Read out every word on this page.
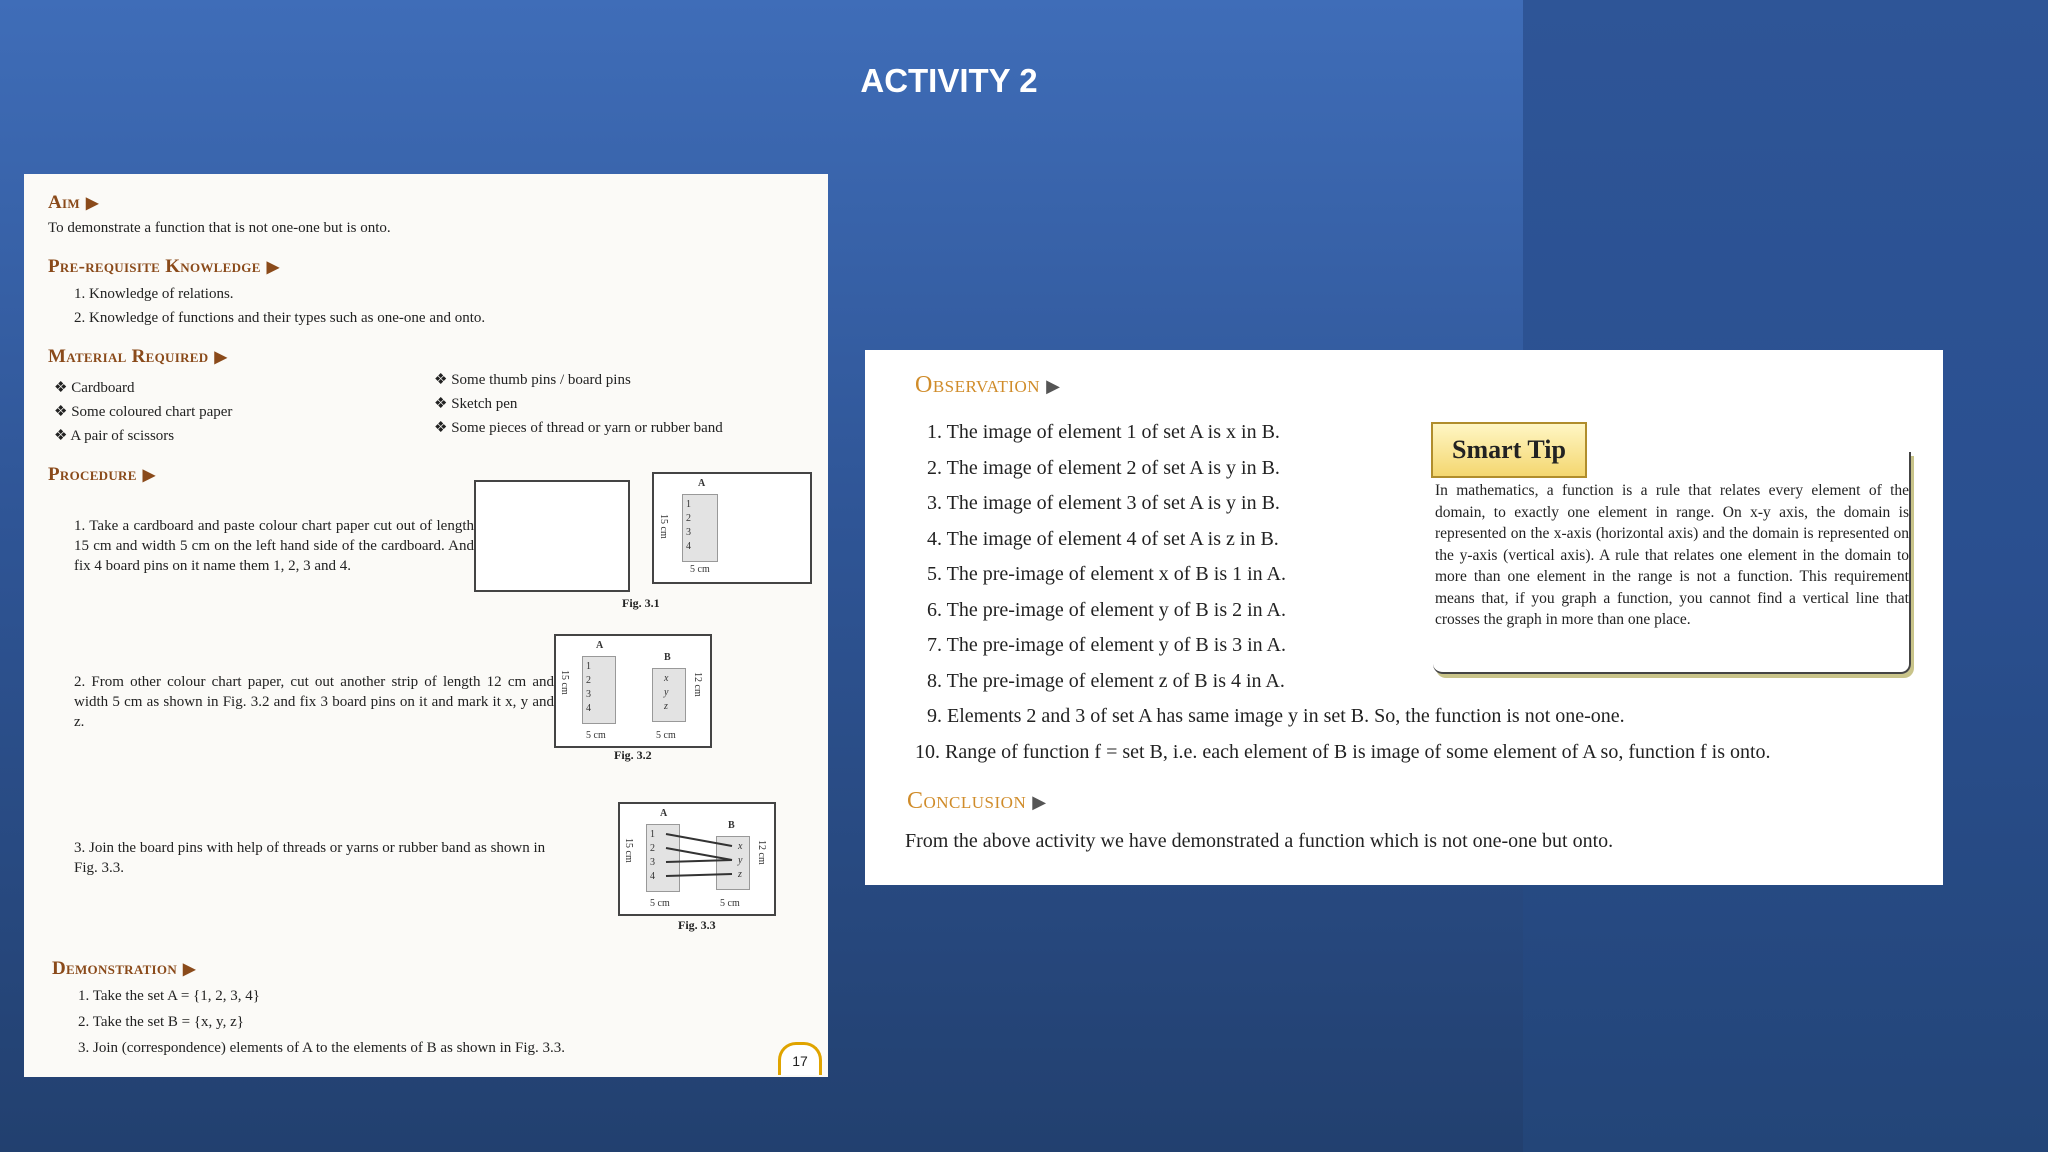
ACTIVITY 2
Aim ▶
To demonstrate a function that is not one-one but is onto.
Pre-requisite Knowledge ▶
1. Knowledge of relations.
2. Knowledge of functions and their types such as one-one and onto.
Material Required ▶
❖ Cardboard
❖ Some coloured chart paper
❖ A pair of scissors
❖ Some thumb pins / board pins
❖ Sketch pen
❖ Some pieces of thread or yarn or rubber band
Procedure ▶
1. Take a cardboard and paste colour chart paper cut out of length 15 cm and width 5 cm on the left hand side of the cardboard. And fix 4 board pins on it name them 1, 2, 3 and 4.
2. From other colour chart paper, cut out another strip of length 12 cm and width 5 cm as shown in Fig. 3.2 and fix 3 board pins on it and mark it x, y and z.
3. Join the board pins with help of threads or yarns or rubber band as shown in Fig. 3.3.
A
1
2
3
4
15 cm
5 cm
Fig. 3.1
A
B
1
2
3
4
x
y
z
15 cm	12 cm
5 cm	5 cm
Fig. 3.2
A
B
1
2
3
4
x
y
z
15 cm	12 cm
5 cm	5 cm
Fig. 3.3
Demonstration ▶
1. Take the set A = {1, 2, 3, 4}
2. Take the set B = {x, y, z}
3. Join (correspondence) elements of A to the elements of B as shown in Fig. 3.3.
17
Observation ▶
1. The image of element 1 of set A is x in B.
2. The image of element 2 of set A is y in B.
3. The image of element 3 of set A is y in B.
4. The image of element 4 of set A is z in B.
5. The pre-image of element x of B is 1 in A.
6. The pre-image of element y of B is 2 in A.
7. The pre-image of element y of B is 3 in A.
8. The pre-image of element z of B is 4 in A.
9. Elements 2 and 3 of set A has same image y in set B. So, the function is not one-one.
10. Range of function f = set B, i.e. each element of B is image of some element of A so, function f is onto.
Smart Tip
In mathematics, a function is a rule that relates every element of the domain, to exactly one element in range. On x-y axis, the domain is represented on the x-axis (horizontal axis) and the domain is represented on the y-axis (vertical axis). A rule that relates one element in the domain to more than one element in the range is not a function. This requirement means that, if you graph a function, you cannot find a vertical line that crosses the graph in more than one place.
Conclusion ▶
From the above activity we have demonstrated a function which is not one-one but onto.
